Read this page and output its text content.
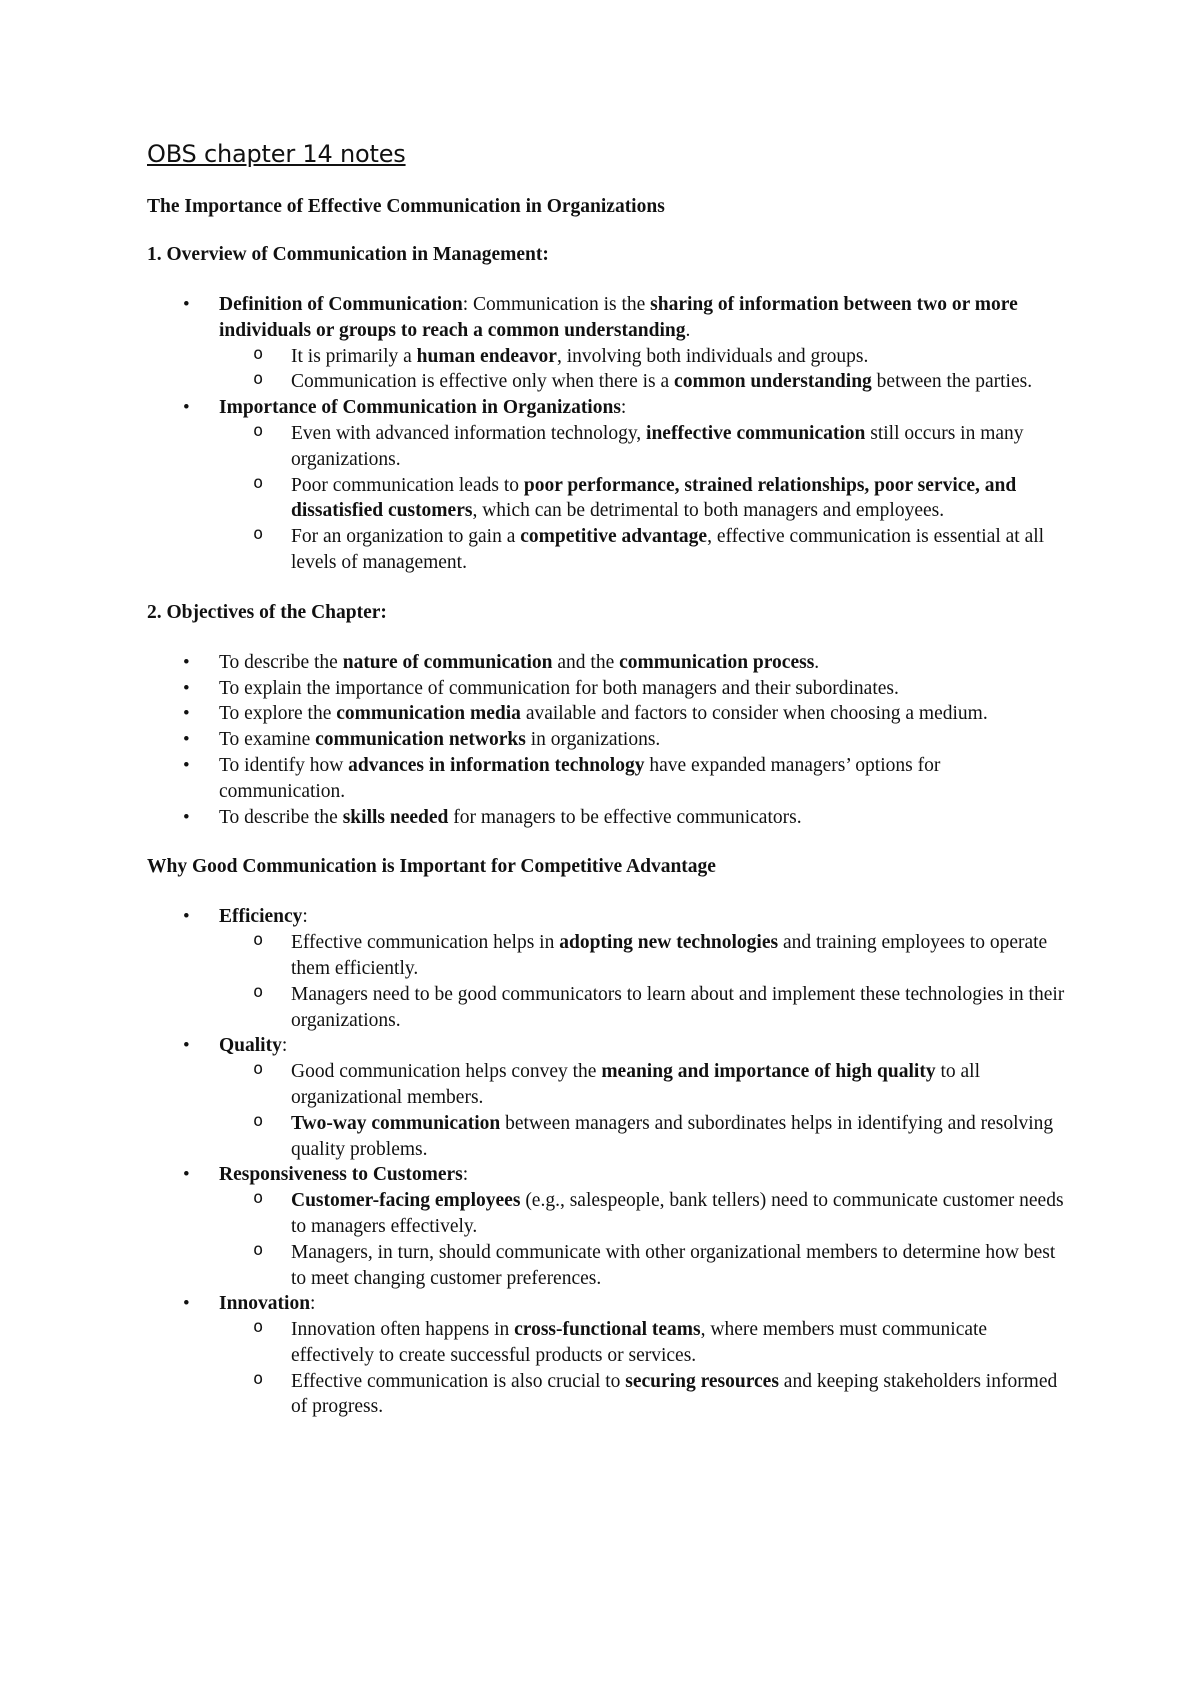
OBS chapter 14 notes
The Importance of Effective Communication in Organizations
1. Overview of Communication in Management:
• Definition of Communication: Communication is the sharing of information between two or more individuals or groups to reach a common understanding.
o It is primarily a human endeavor, involving both individuals and groups.
o Communication is effective only when there is a common understanding between the parties.
• Importance of Communication in Organizations:
o Even with advanced information technology, ineffective communication still occurs in many organizations.
o Poor communication leads to poor performance, strained relationships, poor service, and dissatisfied customers, which can be detrimental to both managers and employees.
o For an organization to gain a competitive advantage, effective communication is essential at all levels of management.
2. Objectives of the Chapter:
• To describe the nature of communication and the communication process.
• To explain the importance of communication for both managers and their subordinates.
• To explore the communication media available and factors to consider when choosing a medium.
• To examine communication networks in organizations.
• To identify how advances in information technology have expanded managers’ options for communication.
• To describe the skills needed for managers to be effective communicators.
Why Good Communication is Important for Competitive Advantage
• Efficiency:
o Effective communication helps in adopting new technologies and training employees to operate them efficiently.
o Managers need to be good communicators to learn about and implement these technologies in their organizations.
• Quality:
o Good communication helps convey the meaning and importance of high quality to all organizational members.
o Two-way communication between managers and subordinates helps in identifying and resolving quality problems.
• Responsiveness to Customers:
o Customer-facing employees (e.g., salespeople, bank tellers) need to communicate customer needs to managers effectively.
o Managers, in turn, should communicate with other organizational members to determine how best to meet changing customer preferences.
• Innovation:
o Innovation often happens in cross-functional teams, where members must communicate effectively to create successful products or services.
o Effective communication is also crucial to securing resources and keeping stakeholders informed of progress.
